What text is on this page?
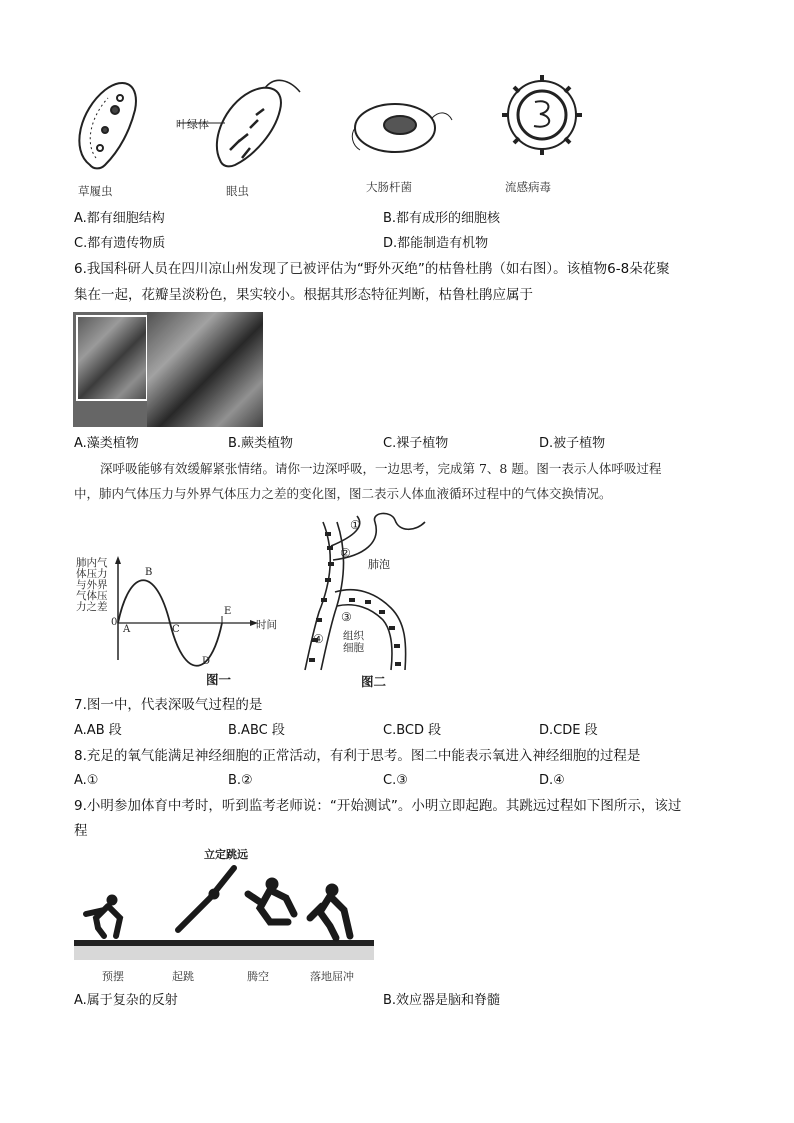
叶绿体
草履虫	眼虫	大肠杆菌	流感病毒
A.都有细胞结构	B.都有成形的细胞核
C.都有遗传物质	D.都能制造有机物
6.我国科研人员在四川凉山州发现了已被评估为“野外灭绝”的枯鲁杜鹃（如右图）。该植物6-8朵花聚
集在一起，花瓣呈淡粉色，果实较小。根据其形态特征判断，枯鲁杜鹃应属于
A.藻类植物	B.蕨类植物	C.裸子植物	D.被子植物
深呼吸能够有效缓解紧张情绪。请你一边深呼吸，一边思考，完成第 7、8 题。图一表示人体呼吸过程
中，肺内气体压力与外界气体压力之差的变化图，图二表示人体血液循环过程中的气体交换情况。
肺内气体压力与外界气体压力之差
A
B
C
D
E
0	时间
图一
①
②
肺泡
③
④ 组织
细胞
图二
7.图一中，代表深吸气过程的是
A.AB 段	B.ABC 段	C.BCD 段	D.CDE 段
8.充足的氧气能满足神经细胞的正常活动，有利于思考。图二中能表示氧进入神经细胞的过程是
A.①	B.②	C.③	D.④
9.小明参加体育中考时，听到监考老师说：“开始测试”。小明立即起跑。其跳远过程如下图所示，该过
程
立定跳远
预摆	起跳	腾空	落地屈冲
A.属于复杂的反射	B.效应器是脑和脊髓
